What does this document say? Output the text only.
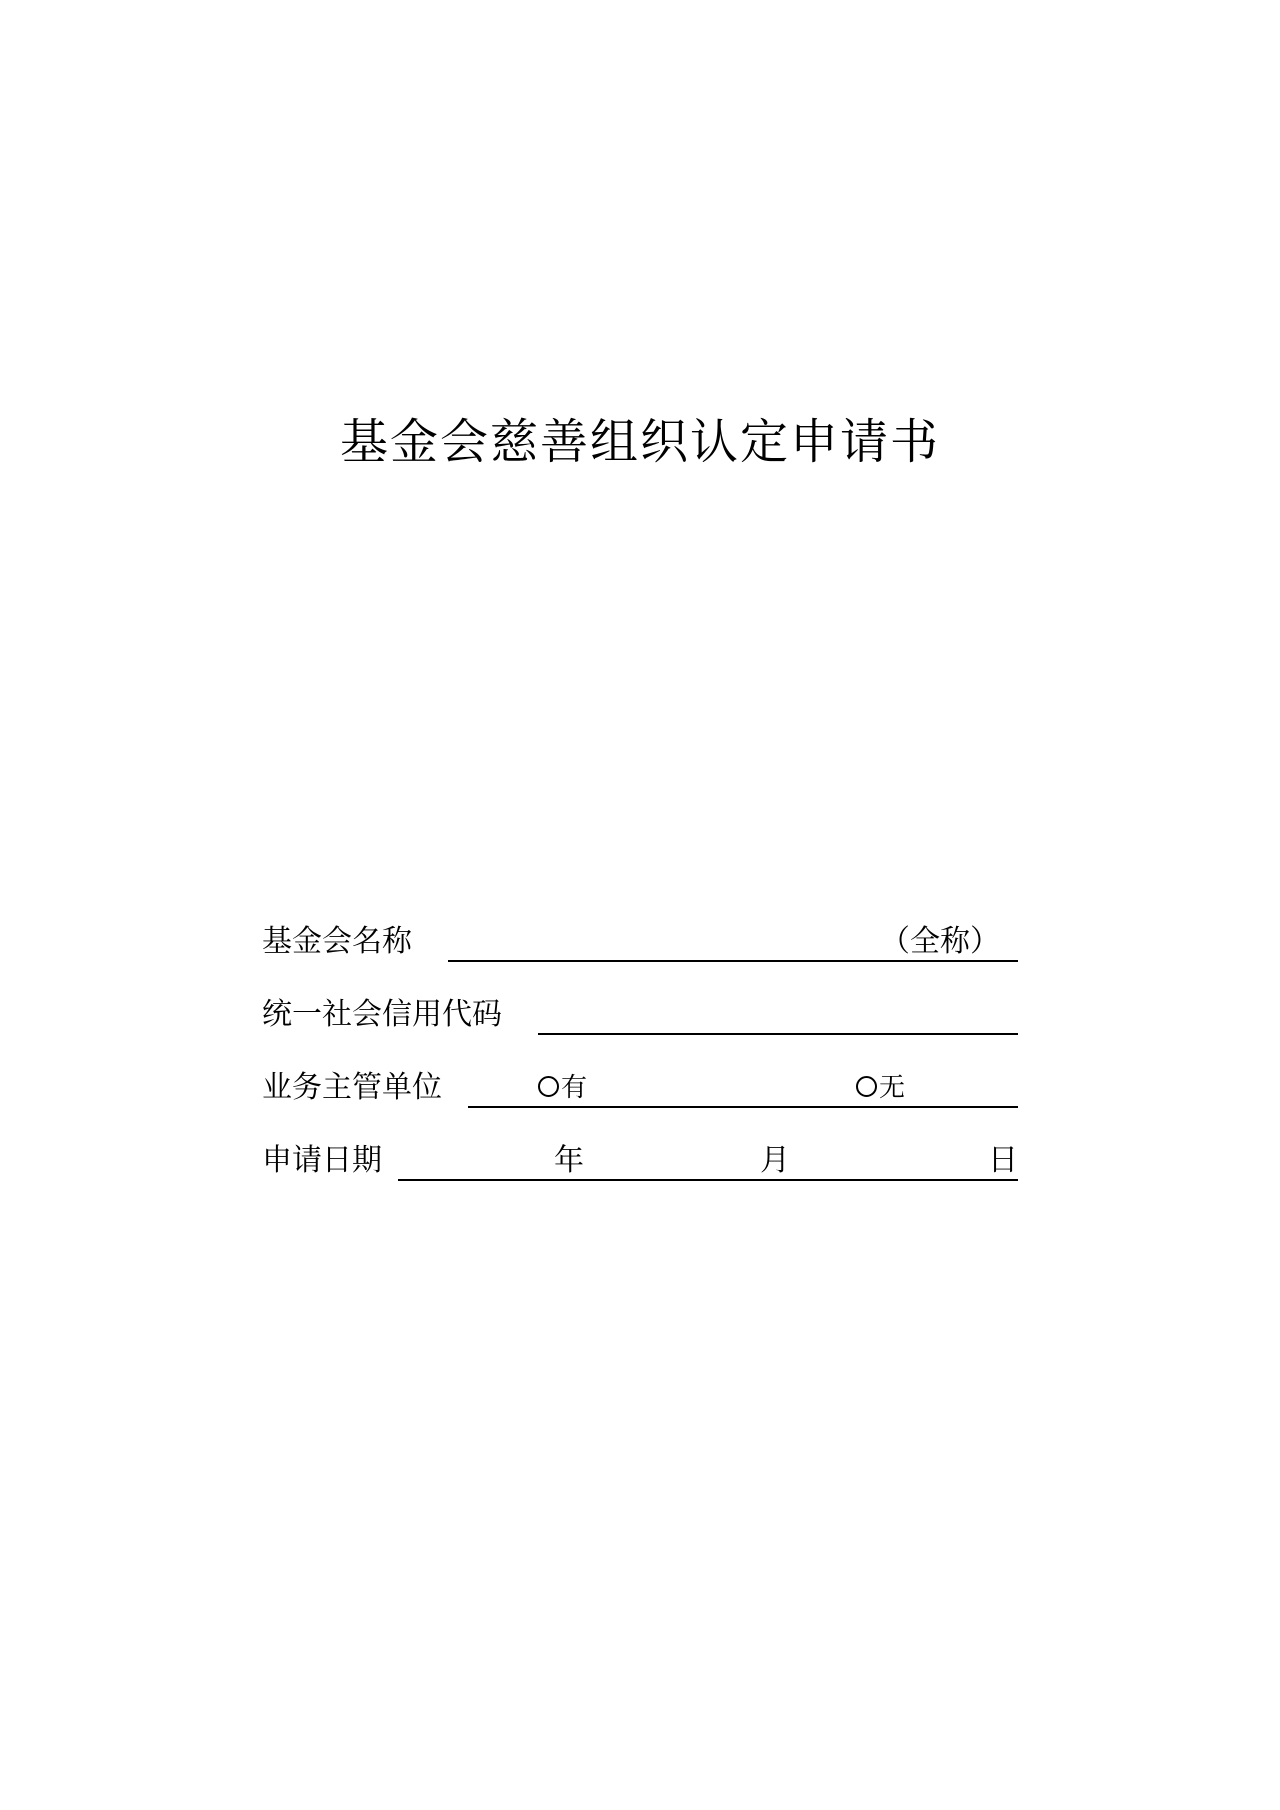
基金会慈善组织认定申请书
基金会名称	（全称）
统一社会信用代码
业务主管单位	有	无
申请日期	年	月	日
